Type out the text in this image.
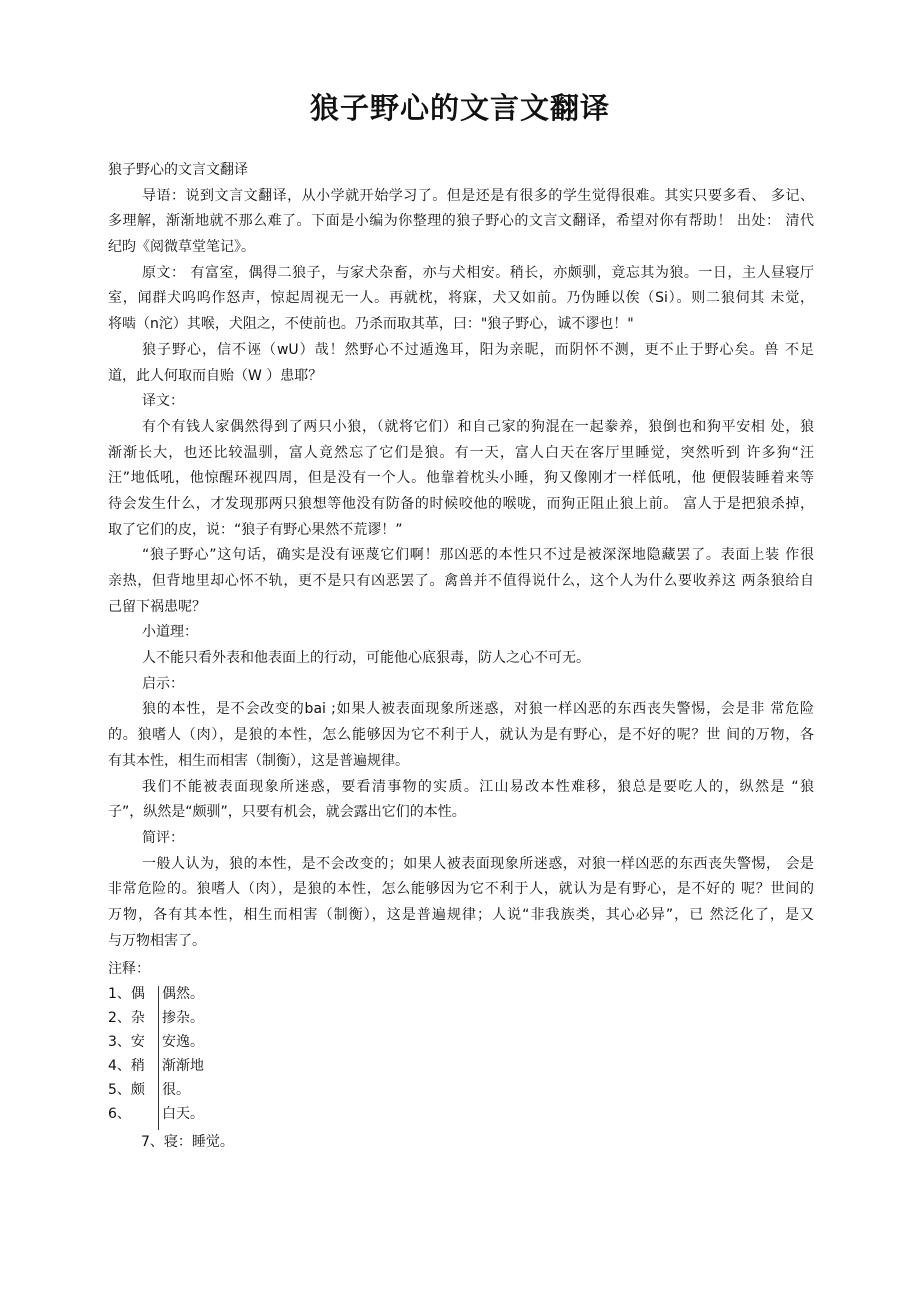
狼子野心的文言文翻译
狼子野心的文言文翻译
导语：说到文言文翻译，从小学就开始学习了。但是还是有很多的学生觉得很难。其实只要多看、 多记、
多理解，渐渐地就不那么难了。下面是小编为你整理的狼子野心的文言文翻译，希望对你有帮助！ 出处： 清代
纪昀《阅微草堂笔记》。
原文： 有富室，偶得二狼子，与家犬杂畜，亦与犬相安。稍长，亦颇驯，竟忘其为狼。一日，主人昼寝厅
室，闻群犬呜呜作怒声，惊起周视无一人。再就枕，将寐，犬又如前。乃伪睡以俟（Si）。则二狼伺其 未觉，
将啮（n沱）其喉，犬阻之，不使前也。乃杀而取其革，曰："狼子野心，诚不谬也！"
狼子野心，信不诬（wU）哉！然野心不过遁逸耳，阳为亲昵，而阴怀不测，更不止于野心矣。兽 不足
道，此人何取而自贻（W ）患耶？
译文：
有个有钱人家偶然得到了两只小狼，（就将它们）和自己家的狗混在一起豢养，狼倒也和狗平安相 处，狼
渐渐长大，也还比较温驯，富人竟然忘了它们是狼。有一天，富人白天在客厅里睡觉，突然听到 许多狗“汪
汪”地低吼，他惊醒环视四周，但是没有一个人。他靠着枕头小睡，狗又像刚才一样低吼，他 便假装睡着来等
待会发生什么，才发现那两只狼想等他没有防备的时候咬他的喉咙，而狗正阻止狼上前。 富人于是把狼杀掉，
取了它们的皮，说：“狼子有野心果然不荒谬！”
“狼子野心”这句话，确实是没有诬蔑它们啊！那凶恶的本性只不过是被深深地隐藏罢了。表面上装 作很
亲热，但背地里却心怀不轨，更不是只有凶恶罢了。禽兽并不值得说什么，这个人为什么要收养这 两条狼给自
己留下祸患呢？
小道理：
人不能只看外表和他表面上的行动，可能他心底狠毒，防人之心不可无。
启示：
狼的本性，是不会改变的bai ;如果人被表面现象所迷惑，对狼一样凶恶的东西丧失警惕，会是非 常危险
的。狼嗜人（肉），是狼的本性，怎么能够因为它不利于人，就认为是有野心，是不好的呢？世 间的万物，各
有其本性，相生而相害（制衡），这是普遍规律。
我们不能被表面现象所迷惑，要看清事物的实质。江山易改本性难移，狼总是要吃人的，纵然是 “狼
子”，纵然是“颇驯”，只要有机会，就会露出它们的本性。
简评：
一般人认为，狼的本性，是不会改变的；如果人被表面现象所迷惑，对狼一样凶恶的东西丧失警惕， 会是
非常危险的。狼嗜人（肉），是狼的本性，怎么能够因为它不利于人，就认为是有野心，是不好的 呢？世间的
万物，各有其本性，相生而相害（制衡），这是普遍规律；人说“非我族类，其心必异”，已 然泛化了，是又
与万物相害了。
注释：
1、偶	偶然。
2、杂	掺杂。
3、安	安逸。
4、稍	渐渐地
5、颇	很。
6、	白天。
7、寝：睡觉。
